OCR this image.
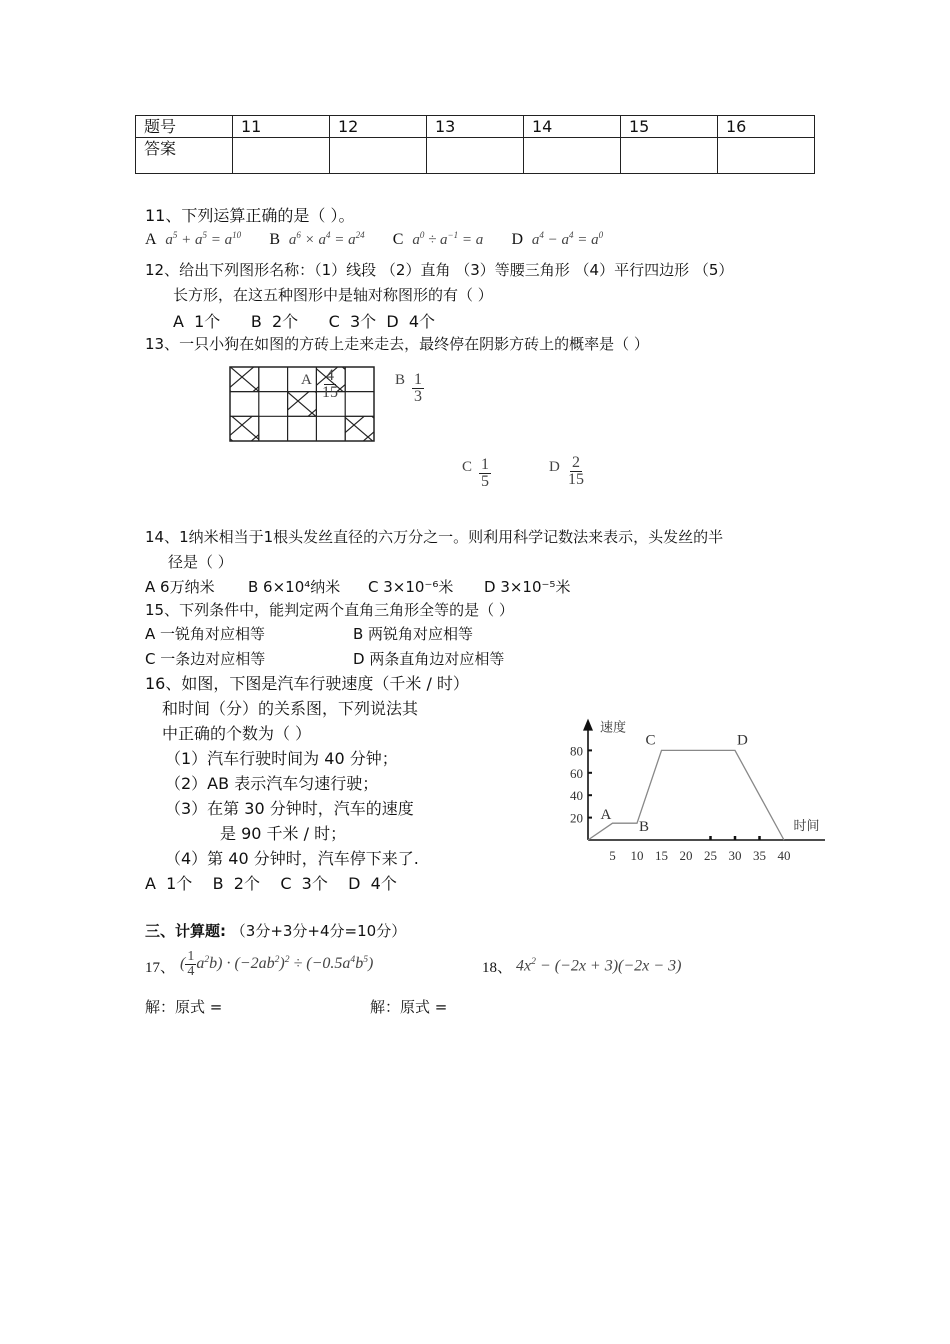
题号	11	12	13	14	15	16
答案						
11、下列运算正确的是（ ）。
A  $a^5 + a^5 = a^{10}$ B  $a^6 \times a^4 = a^{24}$ C  $a^0 \div a^{-1} = a$ D  $a^4 - a^4 = a^0$
12、给出下列图形名称：（1）线段 （2）直角 （3）等腰三角形 （4）平行四边形 （5）
长方形，在这五种图形中是轴对称图形的有（ ）
A  1个      B  2个      C  3个  D  4个
13、一只小狗在如图的方砖上走来走去，最终停在阴影方砖上的概率是（ ）
A $\frac{4}{15}$	B $\frac{1}{3}$
C $\frac{1}{5}$	D $\frac{2}{15}$
14、1纳米相当于1根头发丝直径的六万分之一。则利用科学记数法来表示，头发丝的半
径是（ ）
A 6万纳米 B 6×10⁴纳米 C 3×10⁻⁶米 D 3×10⁻⁵米
15、下列条件中，能判定两个直角三角形全等的是（ ）
A 一锐角对应相等	B 两锐角对应相等
C 一条边对应相等	D 两条直角边对应相等
16、如图，下图是汽车行驶速度（千米 / 时）
和时间（分）的关系图，下列说法其
中正确的个数为（ ）
（1）汽车行驶时间为 40 分钟；
（2）AB 表示汽车匀速行驶；
（3）在第 30 分钟时，汽车的速度
是 90 千米 / 时；
（4）第 40 分钟时，汽车停下来了.
A  1个    B  2个    C  3个    D  4个
速度
时间
20
40
60
80
5 10 15 20 25 30 35 40
A
B
C	D
三、计算题: （3分+3分+4分=10分）
17、 ( $\frac{1}{4} a^2b) \cdot (-2ab^2)^2 \div (-0.5a^4b^5)$	18、 $4x^2 - (-2x + 3)(-2x - 3)$
解：原式 =	解：原式 =
